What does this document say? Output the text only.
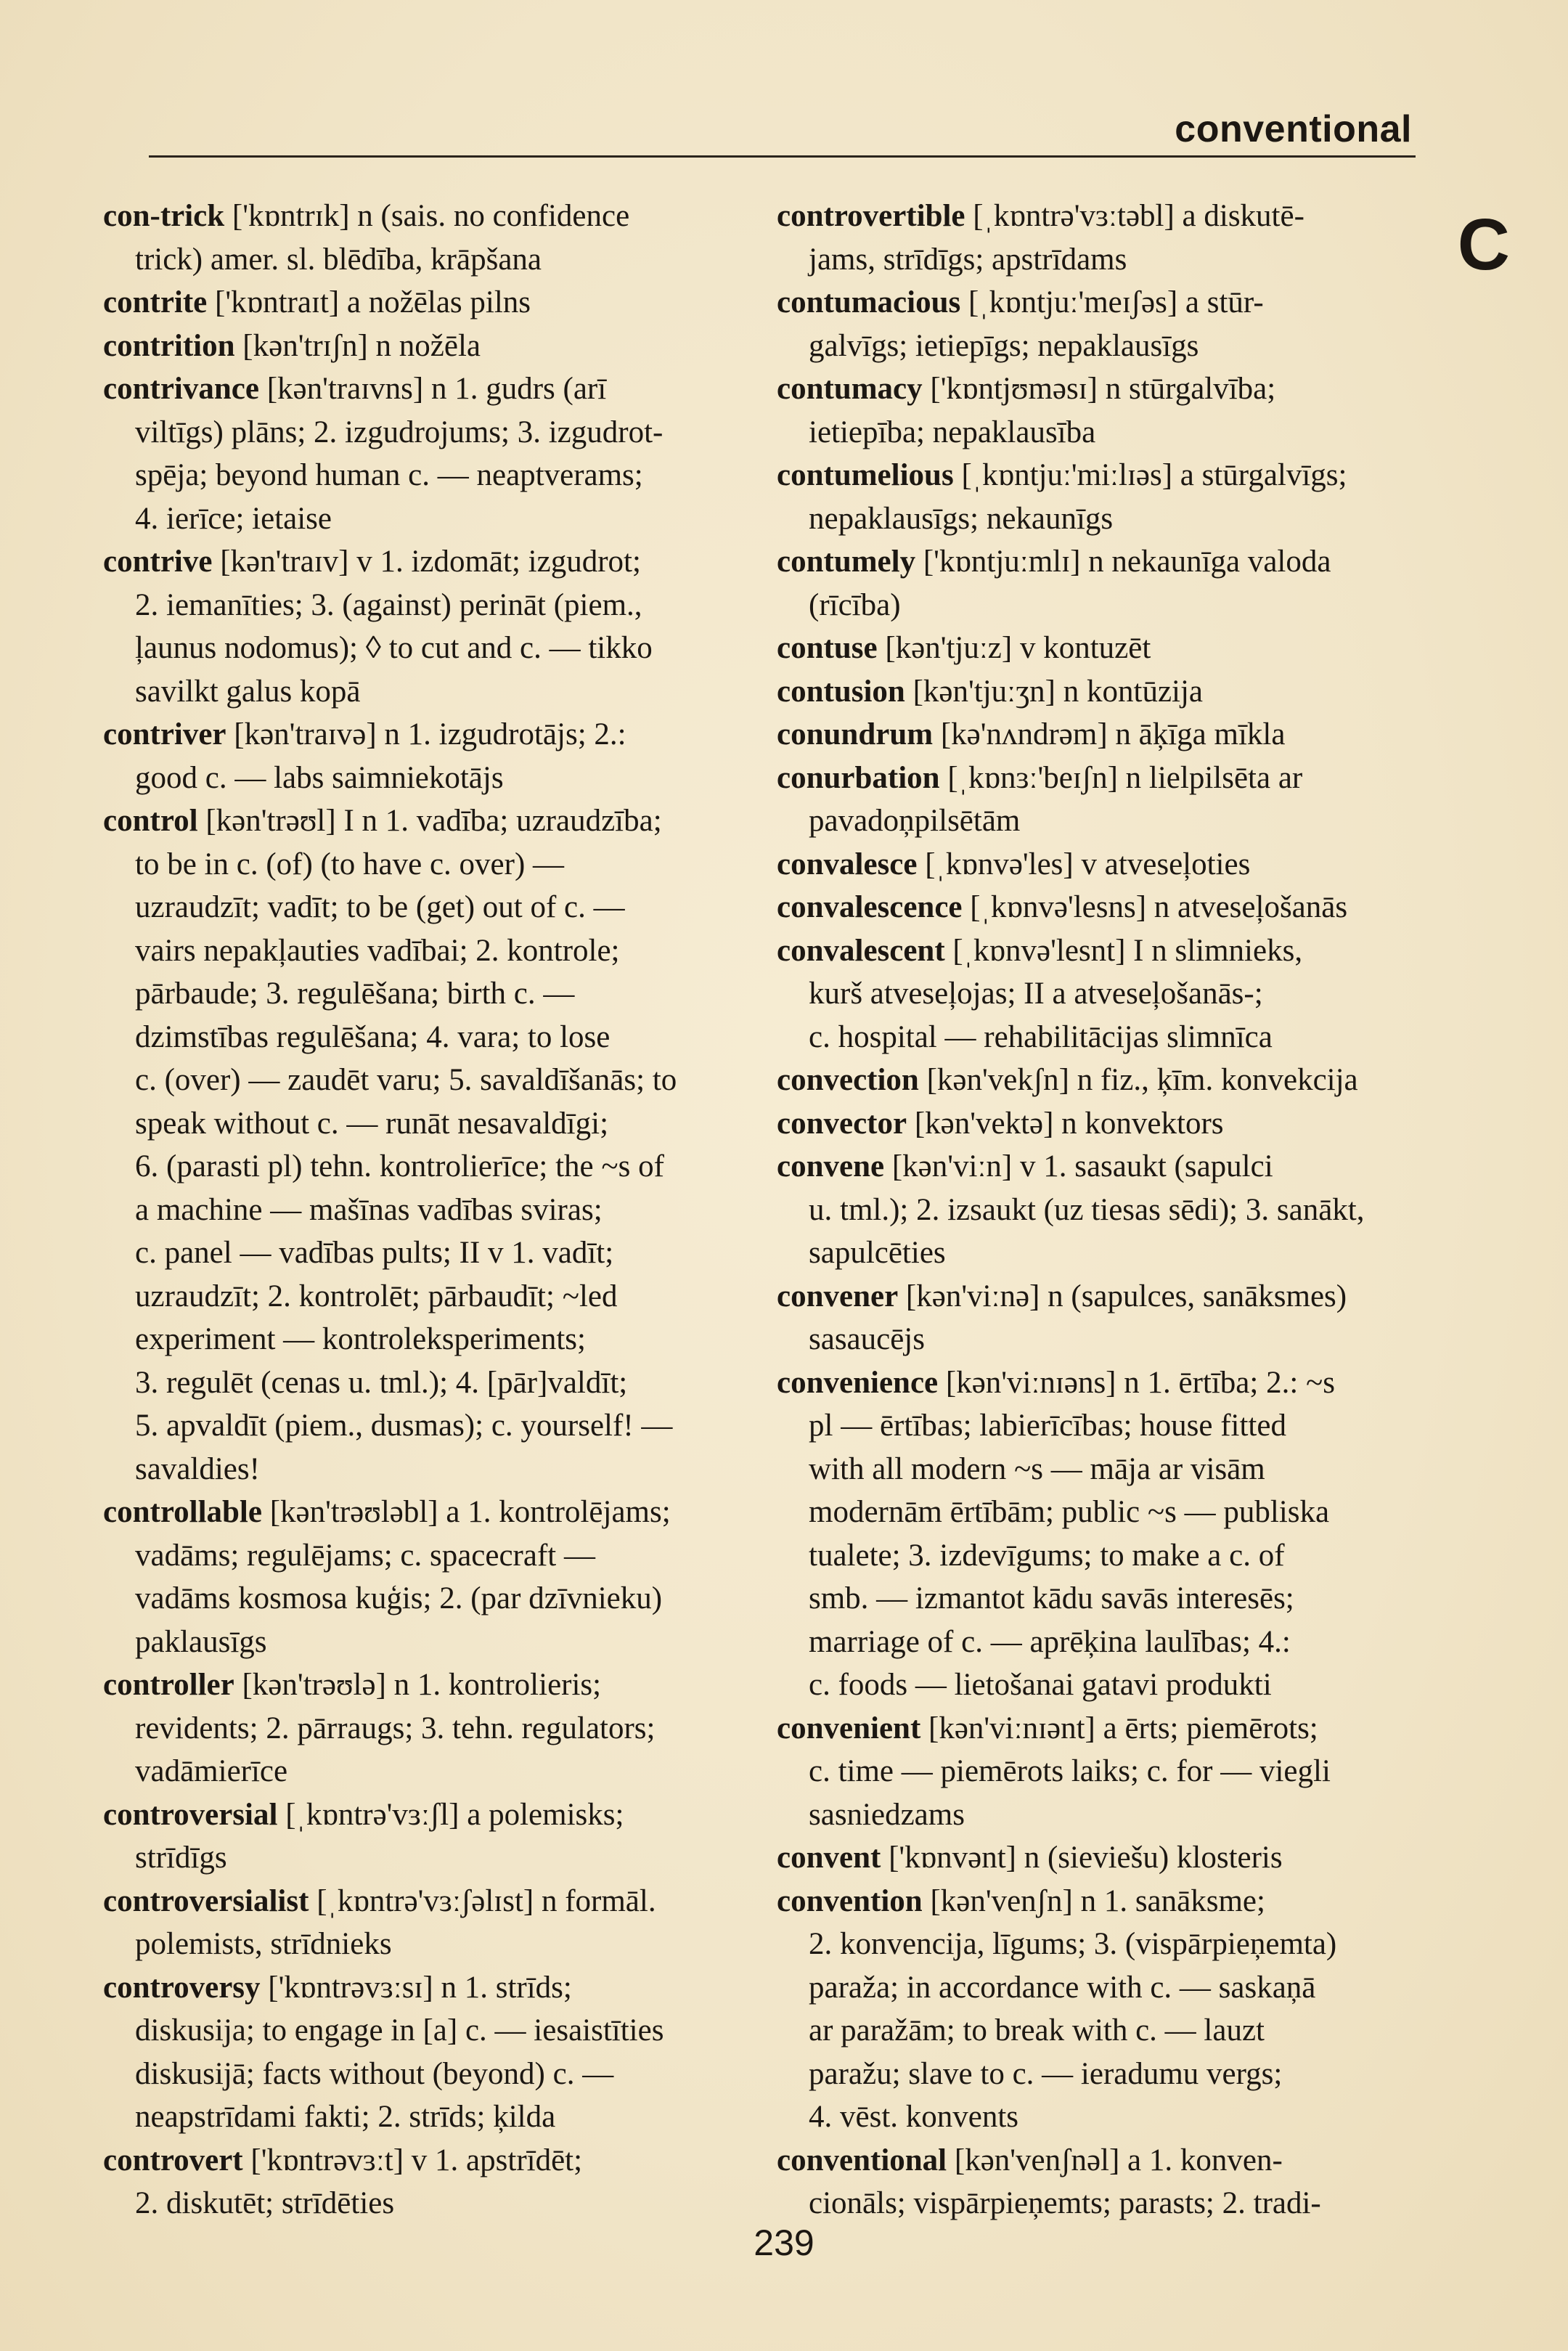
conventional
C
con-trick ['kɒntrɪk] n (sais. no confidence
trick) amer. sl. blēdība, krāpšana
contrite ['kɒntraɪt] a nožēlas pilns
contrition [kən'trɪʃn] n nožēla
contrivance [kən'traɪvns] n 1. gudrs (arī
viltīgs) plāns; 2. izgudrojums; 3. izgudrot-
spēja; beyond human c. — neaptverams;
4. ierīce; ietaise
contrive [kən'traɪv] v 1. izdomāt; izgudrot;
2. iemanīties; 3. (against) perināt (piem.,
ļaunus nodomus); ◊ to cut and c. — tikko
savilkt galus kopā
contriver [kən'traɪvə] n 1. izgudrotājs; 2.:
good c. — labs saimniekotājs
control [kən'trəʊl] I n 1. vadība; uzraudzība;
to be in c. (of) (to have c. over) —
uzraudzīt; vadīt; to be (get) out of c. —
vairs nepakļauties vadībai; 2. kontrole;
pārbaude; 3. regulēšana; birth c. —
dzimstības regulēšana; 4. vara; to lose
c. (over) — zaudēt varu; 5. savaldīšanās; to
speak without c. — runāt nesavaldīgi;
6. (parasti pl) tehn. kontrolierīce; the ~s of
a machine — mašīnas vadības sviras;
c. panel — vadības pults; II v 1. vadīt;
uzraudzīt; 2. kontrolēt; pārbaudīt; ~led
experiment — kontroleksperiments;
3. regulēt (cenas u. tml.); 4. [pār]valdīt;
5. apvaldīt (piem., dusmas); c. yourself! —
savaldies!
controllable [kən'trəʊləbl] a 1. kontrolējams;
vadāms; regulējams; c. spacecraft —
vadāms kosmosa kuģis; 2. (par dzīvnieku)
paklausīgs
controller [kən'trəʊlə] n 1. kontrolieris;
revidents; 2. pārraugs; 3. tehn. regulators;
vadāmierīce
controversial [ˌkɒntrə'vɜːʃl] a polemisks;
strīdīgs
controversialist [ˌkɒntrə'vɜːʃəlɪst] n formāl.
polemists, strīdnieks
controversy ['kɒntrəvɜːsɪ] n 1. strīds;
diskusija; to engage in [a] c. — iesaistīties
diskusijā; facts without (beyond) c. —
neapstrīdami fakti; 2. strīds; ķilda
controvert ['kɒntrəvɜːt] v 1. apstrīdēt;
2. diskutēt; strīdēties
controvertible [ˌkɒntrə'vɜːtəbl] a diskutē-
jams, strīdīgs; apstrīdams
contumacious [ˌkɒntjuː'meɪʃəs] a stūr-
galvīgs; ietiepīgs; nepaklausīgs
contumacy ['kɒntjʊməsɪ] n stūrgalvība;
ietiepība; nepaklausība
contumelious [ˌkɒntjuː'miːlɪəs] a stūrgalvīgs;
nepaklausīgs; nekaunīgs
contumely ['kɒntjuːmlɪ] n nekaunīga valoda
(rīcība)
contuse [kən'tjuːz] v kontuzēt
contusion [kən'tjuːʒn] n kontūzija
conundrum [kə'nʌndrəm] n āķīga mīkla
conurbation [ˌkɒnɜː'beɪʃn] n lielpilsēta ar
pavadoņpilsētām
convalesce [ˌkɒnvə'les] v atveseļoties
convalescence [ˌkɒnvə'lesns] n atveseļošanās
convalescent [ˌkɒnvə'lesnt] I n slimnieks,
kurš atveseļojas; II a atveseļošanās-;
c. hospital — rehabilitācijas slimnīca
convection [kən'vekʃn] n fiz., ķīm. konvekcija
convector [kən'vektə] n konvektors
convene [kən'viːn] v 1. sasaukt (sapulci
u. tml.); 2. izsaukt (uz tiesas sēdi); 3. sanākt,
sapulcēties
convener [kən'viːnə] n (sapulces, sanāksmes)
sasaucējs
convenience [kən'viːnɪəns] n 1. ērtība; 2.: ~s
pl — ērtības; labierīcības; house fitted
with all modern ~s — māja ar visām
modernām ērtībām; public ~s — publiska
tualete; 3. izdevīgums; to make a c. of
smb. — izmantot kādu savās interesēs;
marriage of c. — aprēķina laulības; 4.:
c. foods — lietošanai gatavi produkti
convenient [kən'viːnɪənt] a ērts; piemērots;
c. time — piemērots laiks; c. for — viegli
sasniedzams
convent ['kɒnvənt] n (sieviešu) klosteris
convention [kən'venʃn] n 1. sanāksme;
2. konvencija, līgums; 3. (vispārpieņemta)
paraža; in accordance with c. — saskaņā
ar paražām; to break with c. — lauzt
paražu; slave to c. — ieradumu vergs;
4. vēst. konvents
conventional [kən'venʃnəl] a 1. konven-
cionāls; vispārpieņemts; parasts; 2. tradi-
239
